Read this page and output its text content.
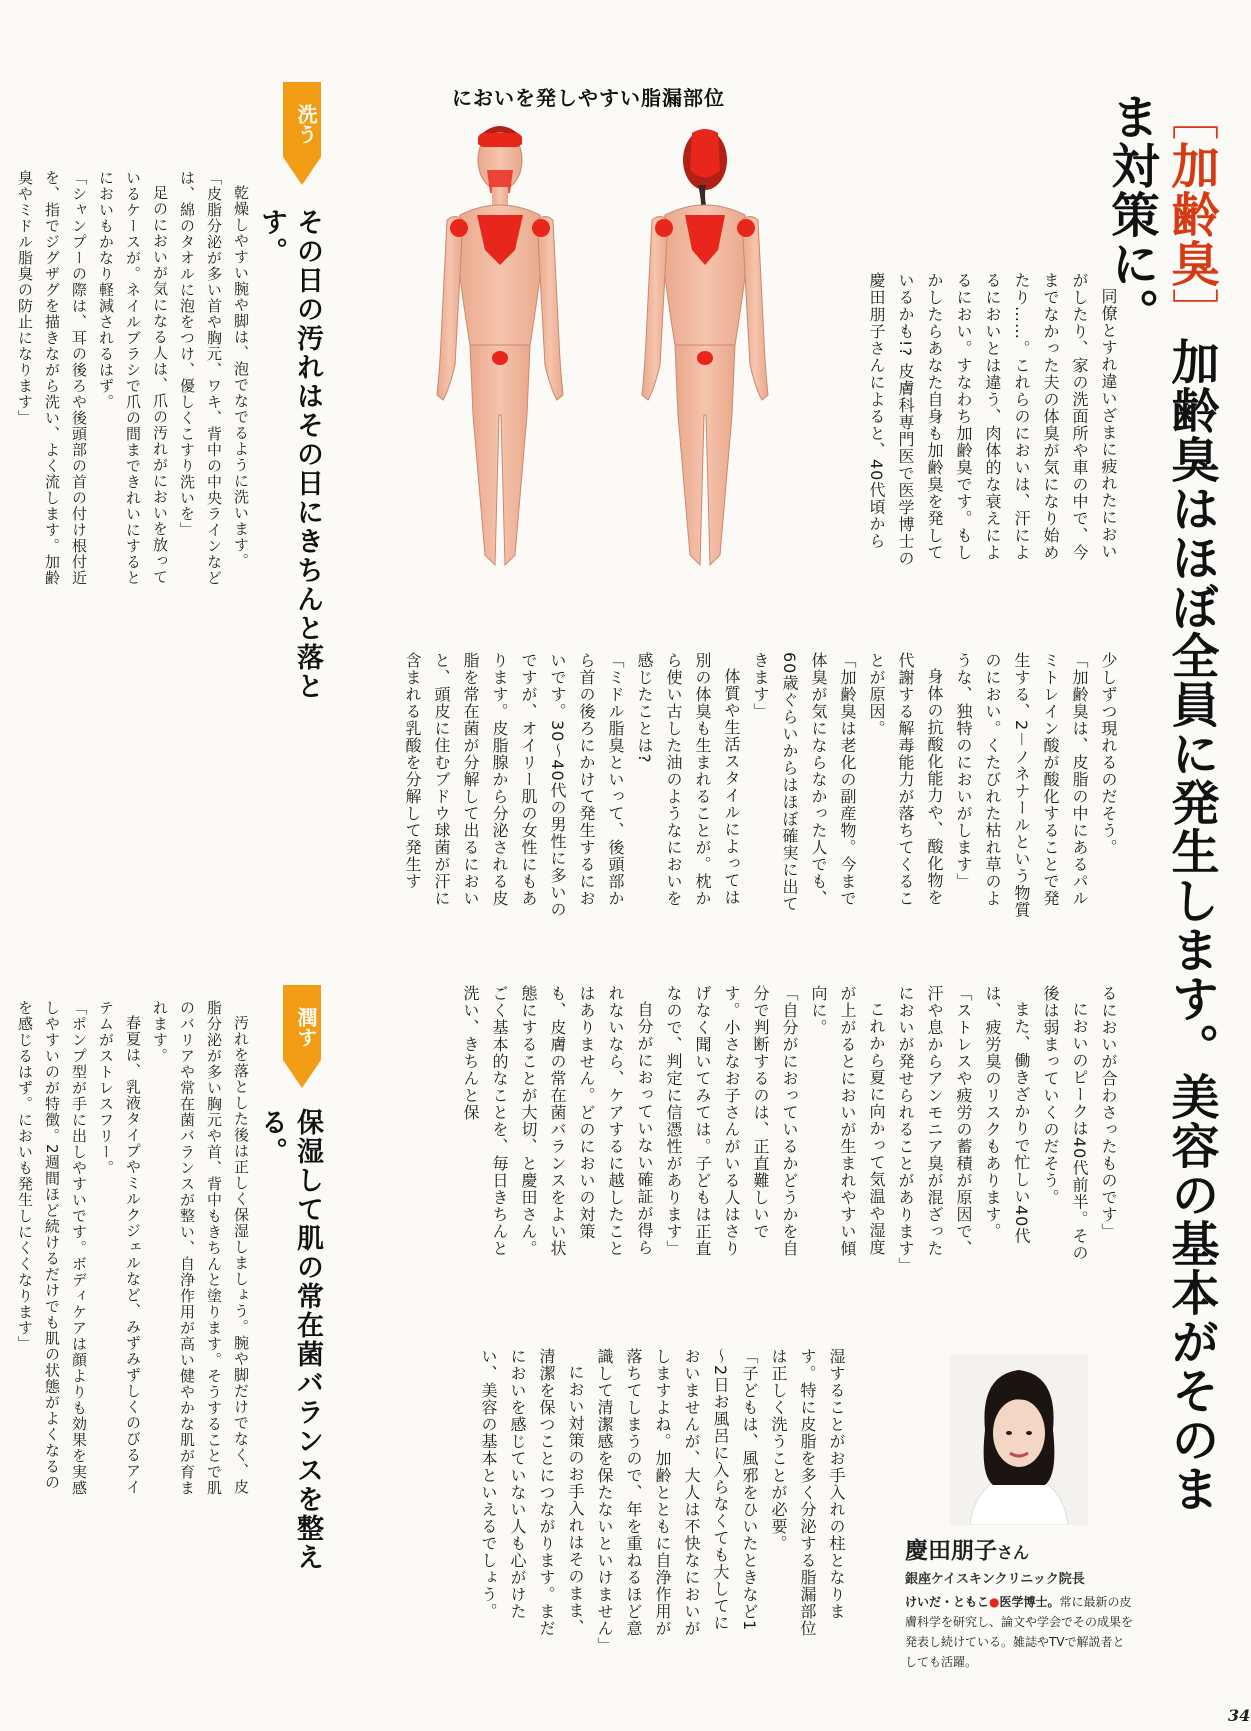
［加齢臭］加齢臭はほぼ全員に発生します。美容の基本がそのまま対策に。
においを発しやすい脂漏部位
同僚とすれ違いざまに疲れたにおいがしたり、家の洗面所や車の中で、今までなかった夫の体臭が気になり始めたり……。これらのにおいは、汗によるにおいとは違う、肉体的な衰えによるにおい。すなわち加齢臭です。もしかしたらあなた自身も加齢臭を発しているかも!? 皮膚科専門医で医学博士の慶田朋子さんによると、40代頃から
少しずつ現れるのだそう。
「加齢臭は、皮脂の中にあるパルミトレイン酸が酸化することで発生する、2－ノネナールという物質のにおい。くたびれた枯れ草のような、独特のにおいがします」
身体の抗酸化能力や、酸化物を代謝する解毒能力が落ちてくることが原因。
「加齢臭は老化の副産物。今まで体臭が気にならなかった人でも、60歳ぐらいからはほぼ確実に出てきます」
体質や生活スタイルによっては別の体臭も生まれることが。枕から使い古した油のようなにおいを感じたことは?
「ミドル脂臭といって、後頭部から首の後ろにかけて発生するにおいです。30～40代の男性に多いのですが、オイリー肌の女性にもあります。皮脂腺から分泌される皮脂を常在菌が分解して出るにおいと、頭皮に住むブドウ球菌が汗に含まれる乳酸を分解して発生す
るにおいが合わさったものです」
においのピークは40代前半。その後は弱まっていくのだそう。
また、働きざかりで忙しい40代は、疲労臭のリスクもあります。
「ストレスや疲労の蓄積が原因で、汗や息からアンモニア臭が混ざったにおいが発せられることがあります」
これから夏に向かって気温や湿度が上がるとにおいが生まれやすい傾向に。
「自分がにおっているかどうかを自分で判断するのは、正直難しいです。小さなお子さんがいる人はさりげなく聞いてみては。子どもは正直なので、判定に信憑性があります」
自分がにおっていない確証が得られないなら、ケアするに越したことはありません。どのにおいの対策も、皮膚の常在菌バランスをよい状態にすることが大切、と慶田さん。ごく基本的なことを、毎日きちんと洗い、きちんと保
湿することがお手入れの柱となります。特に皮脂を多く分泌する脂漏部位は正しく洗うことが必要。
「子どもは、風邪をひいたときなど1～2日お風呂に入らなくても大してにおいませんが、大人は不快なにおいがしますよね。加齢とともに自浄作用が落ちてしまうので、年を重ねるほど意識して清潔感を保たないといけません」
におい対策のお手入れはそのまま、清潔を保つことにつながります。まだにおいを感じていない人も心がけたい、美容の基本といえるでしょう。	慶田朋子さん
銀座ケイスキンクリニック院長
けいだ・ともこ●医学博士。常に最新の皮膚科学を研究し、論文や学会でその成果を発表し続けている。雑誌やTVで解説者としても活躍。
洗う
その日の汚れはその日にきちんと落とす。
乾燥しやすい腕や脚は、泡でなでるように洗います。
「皮脂分泌が多い首や胸元、ワキ、背中の中央ラインなどは、綿のタオルに泡をつけ、優しくこすり洗いを」
足のにおいが気になる人は、爪の汚れがにおいを放っているケースが。ネイルブラシで爪の間まできれいにするとにおいもかなり軽減されるはず。
「シャンプーの際は、耳の後ろや後頭部の首の付け根付近を、指でジグザグを描きながら洗い、よく流します。加齢臭やミドル脂臭の防止になります」
潤す
保湿して肌の常在菌バランスを整える。
汚れを落とした後は正しく保湿しましょう。腕や脚だけでなく、皮脂分泌が多い胸元や首、背中もきちんと塗ります。そうすることで肌のバリアや常在菌バランスが整い、自浄作用が高い健やかな肌が育まれます。
春夏は、乳液タイプやミルクジェルなど、みずみずしくのびるアイテムがストレスフリー。
「ポンプ型が手に出しやすいです。ボディケアは顔よりも効果を実感しやすいのが特徴。2週間ほど続けるだけでも肌の状態がよくなるのを感じるはず。においも発生しにくくなります」
34
